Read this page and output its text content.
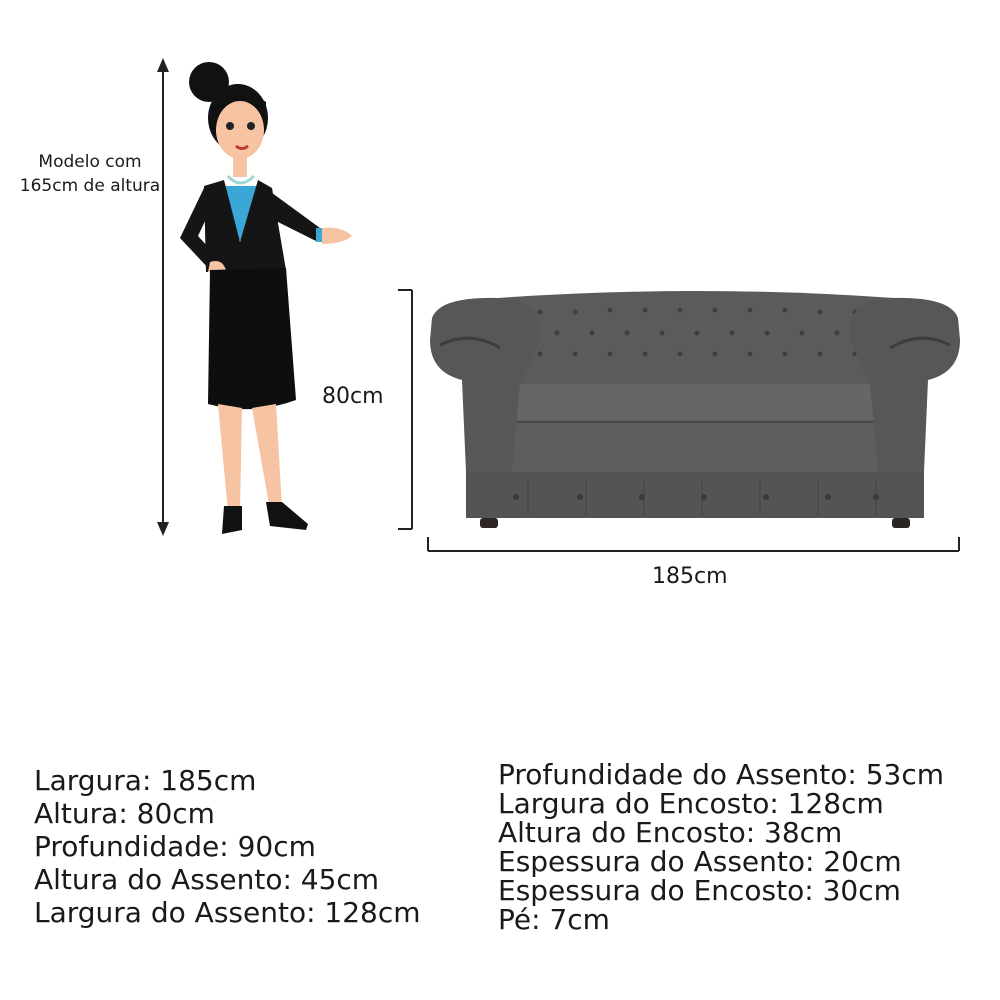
Modelo com
165cm de altura
80cm
185cm
Largura: 185cm
Altura: 80cm
Profundidade: 90cm
Altura do Assento: 45cm
Largura do Assento: 128cm
Profundidade do Assento: 53cm
Largura do Encosto: 128cm
Altura do Encosto: 38cm
Espessura do Assento: 20cm
Espessura do Encosto: 30cm
Pé: 7cm
